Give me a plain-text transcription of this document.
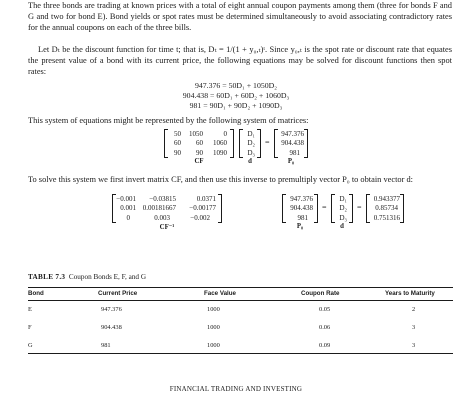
The three bonds are trading at known prices with a total of eight annual coupon payments among them (three for bonds F and G and two for bond E). Bond yields or spot rates must be determined simultaneously to avoid associating contradictory rates for the annual coupons on each of the three bills.

Let Dₜ be the discount function for time t; that is, Dₜ = 1/(1 + y₀,ₜ)ᵗ. Since y₀,ₜ is the spot rate or discount rate that equates the present value of a bond with its current price, the following equations may be solved for discount functions then spot rates:

947.376 = 50D₁ + 1050D₂
904.438 = 60D₁ + 60D₂ + 1060D₃
981 = 90D₁ + 90D₂ + 1090D₃

This system of equations might be represented by the following system of matrices:

50	1050	0
60	60	1060
90	90	1090
D₁
D₂
D₃
=
947.376
904.438
981
CF	d	P₀

To solve this system we first invert matrix CF, and then use this inverse to premultiply vector P₀ to obtain vector d:

−0.001	−0.03815	0.0371
0.001 0.00181667	−0.00177
0	0.003	−0.002
947.376
904.438
981
=
D₁
D₂
D₃
=
0.943377
0.85734
0.751316
CF⁻¹	P₀	d
TABLE 7.3 Coupon Bonds E, F, and G
Bond	Current Price	Face Value	Coupon Rate	Years to Maturity
E	947.376	1000	0.05	2
F	904.438	1000	0.06	3
G	981	1000	0.09	3
FINANCIAL TRADING AND INVESTING
